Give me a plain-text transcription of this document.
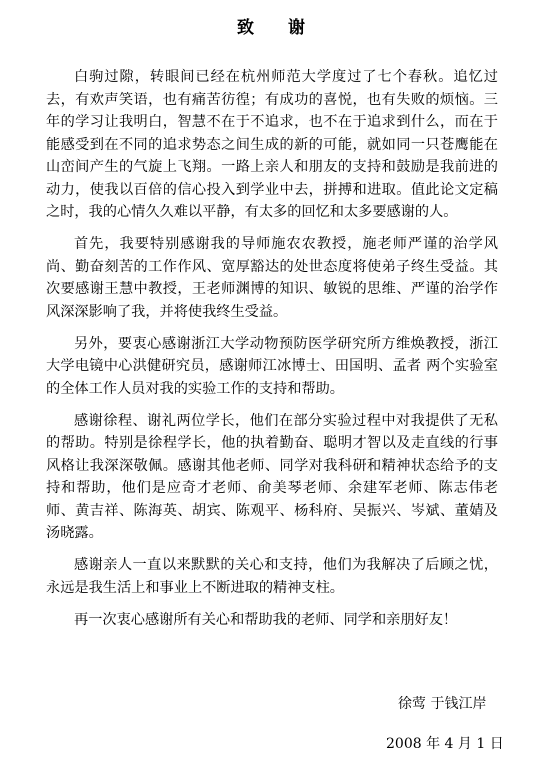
致 谢

白驹过隙，转眼间已经在杭州师范大学度过了七个春秋。追忆过去，有欢声笑语，也有痛苦彷徨；有成功的喜悦，也有失败的烦恼。三年的学习让我明白，智慧不在于不追求，也不在于追求到什么，而在于能感受到在不同的追求势态之间生成的新的可能，就如同一只苍鹰能在山峦间产生的气旋上飞翔。一路上亲人和朋友的支持和鼓励是我前进的动力，使我以百倍的信心投入到学业中去，拼搏和进取。值此论文定稿之时，我的心情久久难以平静，有太多的回忆和太多要感谢的人。

首先，我要特别感谢我的导师施农农教授，施老师严谨的治学风尚、勤奋刻苦的工作作风、宽厚豁达的处世态度将使弟子终生受益。其次要感谢王慧中教授，王老师渊博的知识、敏锐的思维、严谨的治学作风深深影响了我，并将使我终生受益。

另外，要衷心感谢浙江大学动物预防医学研究所方维焕教授，浙江大学电镜中心洪健研究员，感谢师江冰博士、田国明、孟者 两个实验室的全体工作人员对我的实验工作的支持和帮助。

感谢徐程、谢礼两位学长，他们在部分实验过程中对我提供了无私的帮助。特别是徐程学长，他的执着勤奋、聪明才智以及走直线的行事风格让我深深敬佩。感谢其他老师、同学对我科研和精神状态给予的支持和帮助，他们是应奇才老师、俞美琴老师、余建军老师、陈志伟老师、黄吉祥、陈海英、胡宾、陈观平、杨科府、吴振兴、岑斌、董婧及汤晓露。

感谢亲人一直以来默默的关心和支持，他们为我解决了后顾之忧，永远是我生活上和事业上不断进取的精神支柱。

再一次衷心感谢所有关心和帮助我的老师、同学和亲朋好友！

徐莺 于钱江岸
2008 年 4 月 1 日
